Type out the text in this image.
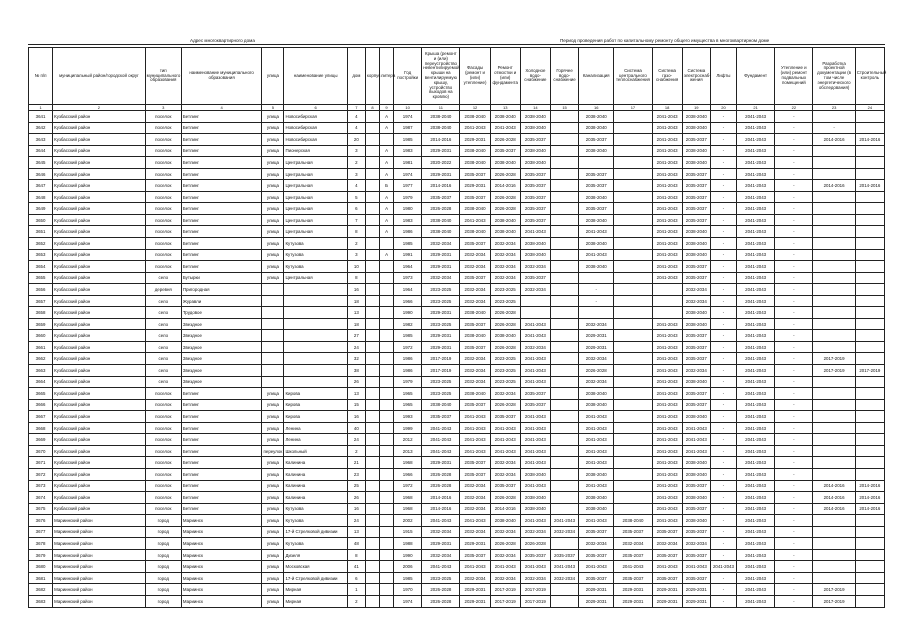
Адрес многоквартирного дома	Период проведения работ по капитальному ремонту общего имущества в многоквартирном доме
№ п/п	муниципальный район/городской округ	тип муниципального образования	наименование муниципального образования	улица	наименование улицы	дом	корпус	литера	Год постройки	Крыша (ремонт и (или) переустройство невентилируемой крыши на вентилируемую крышу, устройство выходов на кровлю)	Фасады (ремонт и (или) утепление)	Ремонт отмостки и (или) фундамента	Холодное водо-снабжение	Горячее водо-снабжение	Канализация	Система центрального теплоснабжения	Система газо-снабжения	Система электроснаб-жения	Лифты	Фундамент	Утепление и (или) ремонт подвальных помещений	Разработка проектной документации (в том числе энергетического обследования)	Строительный контроль
1	2	3	4	5	6	7	8	9	10	11	12	13	14	15	16	17	18	19	20	21	22	23	24
3641	Кузбасский район	поселок	Бетлинг	улица	Новосибирская	4		А	1974	2038-2040	2038-2040	2038-2040	2038-2040		2038-2040		2041-2043	2038-2040	-	2041-2043	-		
3642	Кузбасский район	поселок	Бетлинг	улица	Новосибирская	4		А	1987	2038-2040	2041-2043	2041-2043	2038-2040		2038-2040		2041-2043	2038-2040	-	2041-2043	-	-	
3643	Кузбасский район	поселок	Бетлинг	улица	Новосибирская	20			1985	2014-2016	2029-2031	2026-2028	2035-2037		2035-2037		2041-2043	2035-2037	-	2041-2043	-	2014-2016	2014-2016
3644	Кузбасский район	поселок	Бетлинг	улица	Пионерская	3		А	1983	2029-2031	2038-2040	2035-2037	2038-2040		2038-2040		2041-2043	2038-2040	-	2041-2043	-		
3645	Кузбасский район	поселок	Бетлинг	улица	Центральная	2		А	1981	2020-2022	2038-2040	2038-2040	2038-2040				2041-2043	2038-2040	-	2041-2043	-		
3646	Кузбасский район	поселок	Бетлинг	улица	Центральная	3		А	1974	2029-2031	2035-2037	2026-2028	2035-2037		2035-2037		2041-2043	2035-2037	-	2041-2043	-		
3647	Кузбасский район	поселок	Бетлинг	улица	Центральная	4		Б	1977	2014-2016	2029-2031	2014-2016	2035-2037		2035-2037		2041-2043	2035-2037	-	2041-2043	-	2014-2016	2014-2016
3648	Кузбасский район	поселок	Бетлинг	улица	Центральная	5		А	1979	2035-2037	2035-2037	2026-2028	2035-2037		2038-2040		2041-2043	2035-2037	-	2041-2043	-		
3649	Кузбасский район	поселок	Бетлинг	улица	Центральная	6		А	1980	2026-2028	2038-2040	2026-2028	2035-2037		2035-2037		2041-2043	2035-2037	-	2041-2043	-		
3650	Кузбасский район	поселок	Бетлинг	улица	Центральная	7		А	1983	2038-2040	2041-2043	2038-2040	2035-2037		2038-2040		2041-2043	2035-2037	-	2041-2043	-		
3651	Кузбасский район	поселок	Бетлинг	улица	Центральная	8		А	1986	2038-2040	2038-2040	2038-2040	2041-2043		2041-2043		2041-2043	2038-2040	-	2041-2043	-		
3652	Кузбасский район	поселок	Бетлинг	улица	Кутузова	2			1985	2032-2034	2035-2037	2032-2034	2038-2040		2038-2040		2041-2043	2038-2040	-	2041-2043	-		
3653	Кузбасский район	поселок	Бетлинг	улица	Кутузова	3		А	1991	2029-2031	2032-2034	2032-2034	2038-2040		2041-2043		2041-2043	2038-2040	-	2041-2043	-		
3654	Кузбасский район	поселок	Бетлинг	улица	Кутузова	10			1964	2029-2031	2032-2034	2032-2034	2032-2034		2038-2040		2041-2043	2035-2037	-	2041-2043	-		
3655	Кузбасский район	село	Бутырки	улица	Центральная	8			1973	2032-2034	2035-2037	2032-2034	2035-2037				2041-2043	2035-2037	-	2041-2043	-		
3656	Кузбасский район	деревня	Пригородная			16			1964	2023-2025	2032-2034	2023-2025	2032-2034		-			2032-2034	-	2041-2043	-		
3657	Кузбасский район	село	Журавли			18			1966	2023-2025	2032-2034	2023-2025			-			2032-2034	-	2041-2043	-		
3658	Кузбасский район	село	Трудовое			13			1990	2029-2031	2038-2040	2026-2028						2038-2040	-	2041-2043	-		
3659	Кузбасский район	село	Звездное			18			1982	2023-2025	2035-2037	2026-2028	2041-2043		2032-2034		2041-2043	2038-2040	-	2041-2043	-		
3660	Кузбасский район	село	Звездное			27			1985	2029-2031	2038-2040	2038-2040	2041-2043		2029-2031		2041-2043	2035-2037	-	2041-2043	-		
3661	Кузбасский район	село	Звездное			24			1972	2029-2031	2035-2037	2026-2028	2032-2034		2029-2031		2041-2043	2035-2037	-	2041-2043	-		
3662	Кузбасский район	село	Звездное			32			1986	2017-2019	2032-2034	2023-2025	2041-2043		2032-2034		2041-2043	2035-2037	-	2041-2043	-	2017-2019	
3663	Кузбасский район	село	Звездное			38			1986	2017-2019	2032-2034	2023-2025	2041-2043		2026-2028		2041-2043	2032-2034	-	2041-2043	-	2017-2019	2017-2019
3664	Кузбасский район	село	Звездное			26			1979	2023-2025	2032-2034	2023-2025	2041-2043		2032-2034		2041-2043	2038-2040	-	2041-2043	-		
3665	Кузбасский район	поселок	Бетлинг	улица	Кирова	13			1965	2023-2025	2038-2040	2032-2034	2035-2037		2038-2040		2041-2043	2035-2037	-	2041-2043	-		
3666	Кузбасский район	поселок	Бетлинг	улица	Кирова	15			1965	2038-2040	2035-2037	2026-2028	2035-2037		2038-2040		2041-2043	2035-2037	-	2041-2043	-		
3667	Кузбасский район	поселок	Бетлинг	улица	Кирова	16			1993	2035-2037	2041-2043	2035-2037	2041-2043		2041-2043		2041-2043	2038-2040	-	2041-2043	-		
3668	Кузбасский район	поселок	Бетлинг	улица	Ленина	40			1999	2041-2043	2041-2043	2041-2043	2041-2043		2041-2043		2041-2043	2041-2043	-	2041-2043	-		
3669	Кузбасский район	поселок	Бетлинг	улица	Ленина	24			2012	2041-2043	2041-2043	2041-2043	2041-2043		2041-2043		2041-2043	2041-2043	-	2041-2043	-		
3670	Кузбасский район	поселок	Бетлинг	переулок	Школьный	2			2013	2041-2043	2041-2043	2041-2043	2041-2043		2041-2043		2041-2043	2041-2043	-	2041-2043	-		
3671	Кузбасский район	поселок	Бетлинг	улица	Калинина	21			1968	2029-2031	2035-2037	2032-2034	2041-2043		2041-2043		2041-2043	2038-2040	-	2041-2043	-		
3672	Кузбасский район	поселок	Бетлинг	улица	Калинина	23			1966	2026-2028	2035-2037	2032-2034	2038-2040		2038-2040		2041-2043	2038-2040	-	2041-2043	-		
3673	Кузбасский район	поселок	Бетлинг	улица	Калинина	25			1972	2026-2028	2032-2034	2035-2037	2041-2043		2041-2043		2041-2043	2035-2037	-	2041-2043	-	2014-2016	2014-2016
3674	Кузбасский район	поселок	Бетлинг	улица	Калинина	26			1968	2014-2016	2032-2034	2026-2028	2038-2040		2038-2040		2041-2043	2038-2040	-	2041-2043	-	2014-2016	2014-2016
3675	Кузбасский район	поселок	Бетлинг	улица	Кутузова	16			1968	2014-2016	2032-2034	2014-2016	2038-2040		2038-2040		2041-2043	2035-2037	-	2041-2043	-	2014-2016	2014-2016
3676	Мариинский район	город	Мариинск	улица	Кутузова	24			2002	2041-2043	2041-2043	2038-2040	2041-2043	2041-2043	2041-2043	2038-2040	2041-2043	2038-2040	-	2041-2043	-		
3677	Мариинский район	город	Мариинск	улица	17-й Стрелковой дивизии	13			1915	2032-2034	2032-2034	2032-2034	2032-2034	2032-2034	2035-2037	2035-2037	2035-2037	2035-2037	-	2041-2043	-		
3678	Мариинский район	город	Мариинск	улица	Кутузова	48			1988	2029-2031	2029-2031	2026-2028	2026-2028		2032-2034	2032-2034	2032-2034	2032-2034	-	2041-2043	-		
3679	Мариинский район	город	Мариинск	улица	Дизеля	8			1990	2032-2034	2035-2037	2032-2034	2035-2037	2035-2037	2035-2037	2035-2037	2035-2037	2035-2037	-	2041-2043	-		
3680	Мариинский район	город	Мариинск	улица	Московская	41			2006	2041-2043	2041-2043	2041-2043	2041-2043	2041-2043	2041-2043	2041-2043	2041-2043	2041-2043	2041-2043	2041-2043	-		
3681	Мариинский район	город	Мариинск	улица	17-й Стрелковой дивизии	6			1985	2023-2025	2032-2034	2032-2034	2032-2034	2032-2034	2035-2037	2035-2037	2035-2037	2035-2037	-	2041-2043	-		
3682	Мариинский район	город	Мариинск	улица	Мирная	1			1970	2026-2028	2029-2031	2017-2019	2017-2019		2029-2031	2029-2031	2029-2031	2029-2031	-	2041-2043	-	2017-2019	
3683	Мариинский район	город	Мариинск	улица	Мирная	2			1974	2026-2028	2029-2031	2017-2019	2017-2019		2029-2031	2029-2031	2029-2031	2029-2031	-	2041-2043	-	2017-2019	
